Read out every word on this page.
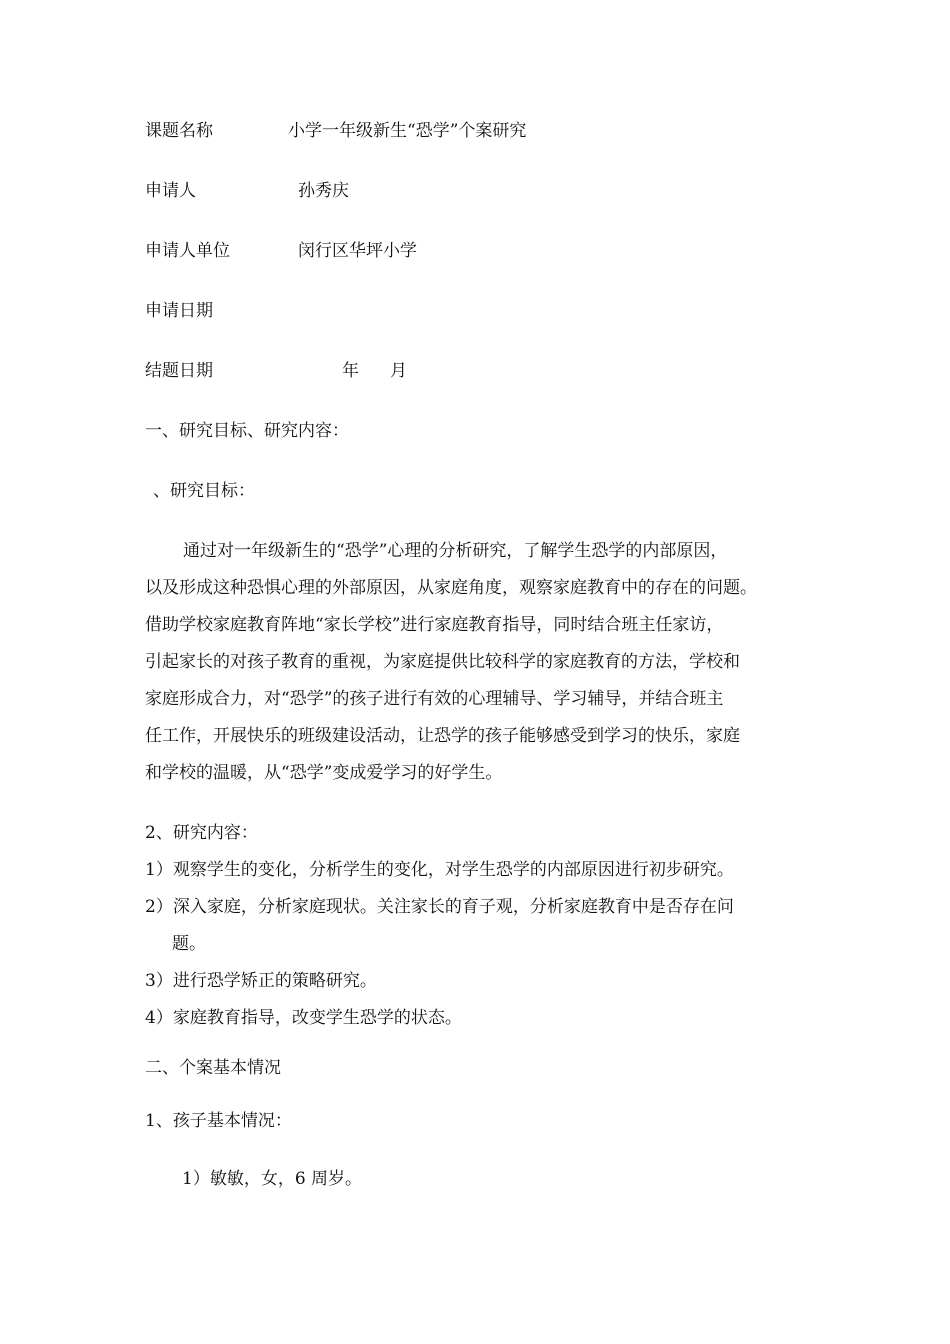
课题名称	小学一年级新生“恐学”个案研究
申请人	孙秀庆
申请人单位	闵行区华坪小学
申请日期
结题日期	年 月
一、研究目标、研究内容：
、研究目标：
通过对一年级新生的“恐学”心理的分析研究，了解学生恐学的内部原因，
以及形成这种恐惧心理的外部原因，从家庭角度，观察家庭教育中的存在的问题。
借助学校家庭教育阵地“家长学校”进行家庭教育指导，同时结合班主任家访，
引起家长的对孩子教育的重视，为家庭提供比较科学的家庭教育的方法，学校和
家庭形成合力，对“恐学”的孩子进行有效的心理辅导、学习辅导，并结合班主
任工作，开展快乐的班级建设活动，让恐学的孩子能够感受到学习的快乐，家庭
和学校的温暖，从“恐学”变成爱学习的好学生。
2、研究内容：
1）观察学生的变化，分析学生的变化，对学生恐学的内部原因进行初步研究。
2）深入家庭，分析家庭现状。关注家长的育子观，分析家庭教育中是否存在问
题。
3）进行恐学矫正的策略研究。
4）家庭教育指导，改变学生恐学的状态。
二、个案基本情况
1、孩子基本情况：
1）敏敏，女，6 周岁。
